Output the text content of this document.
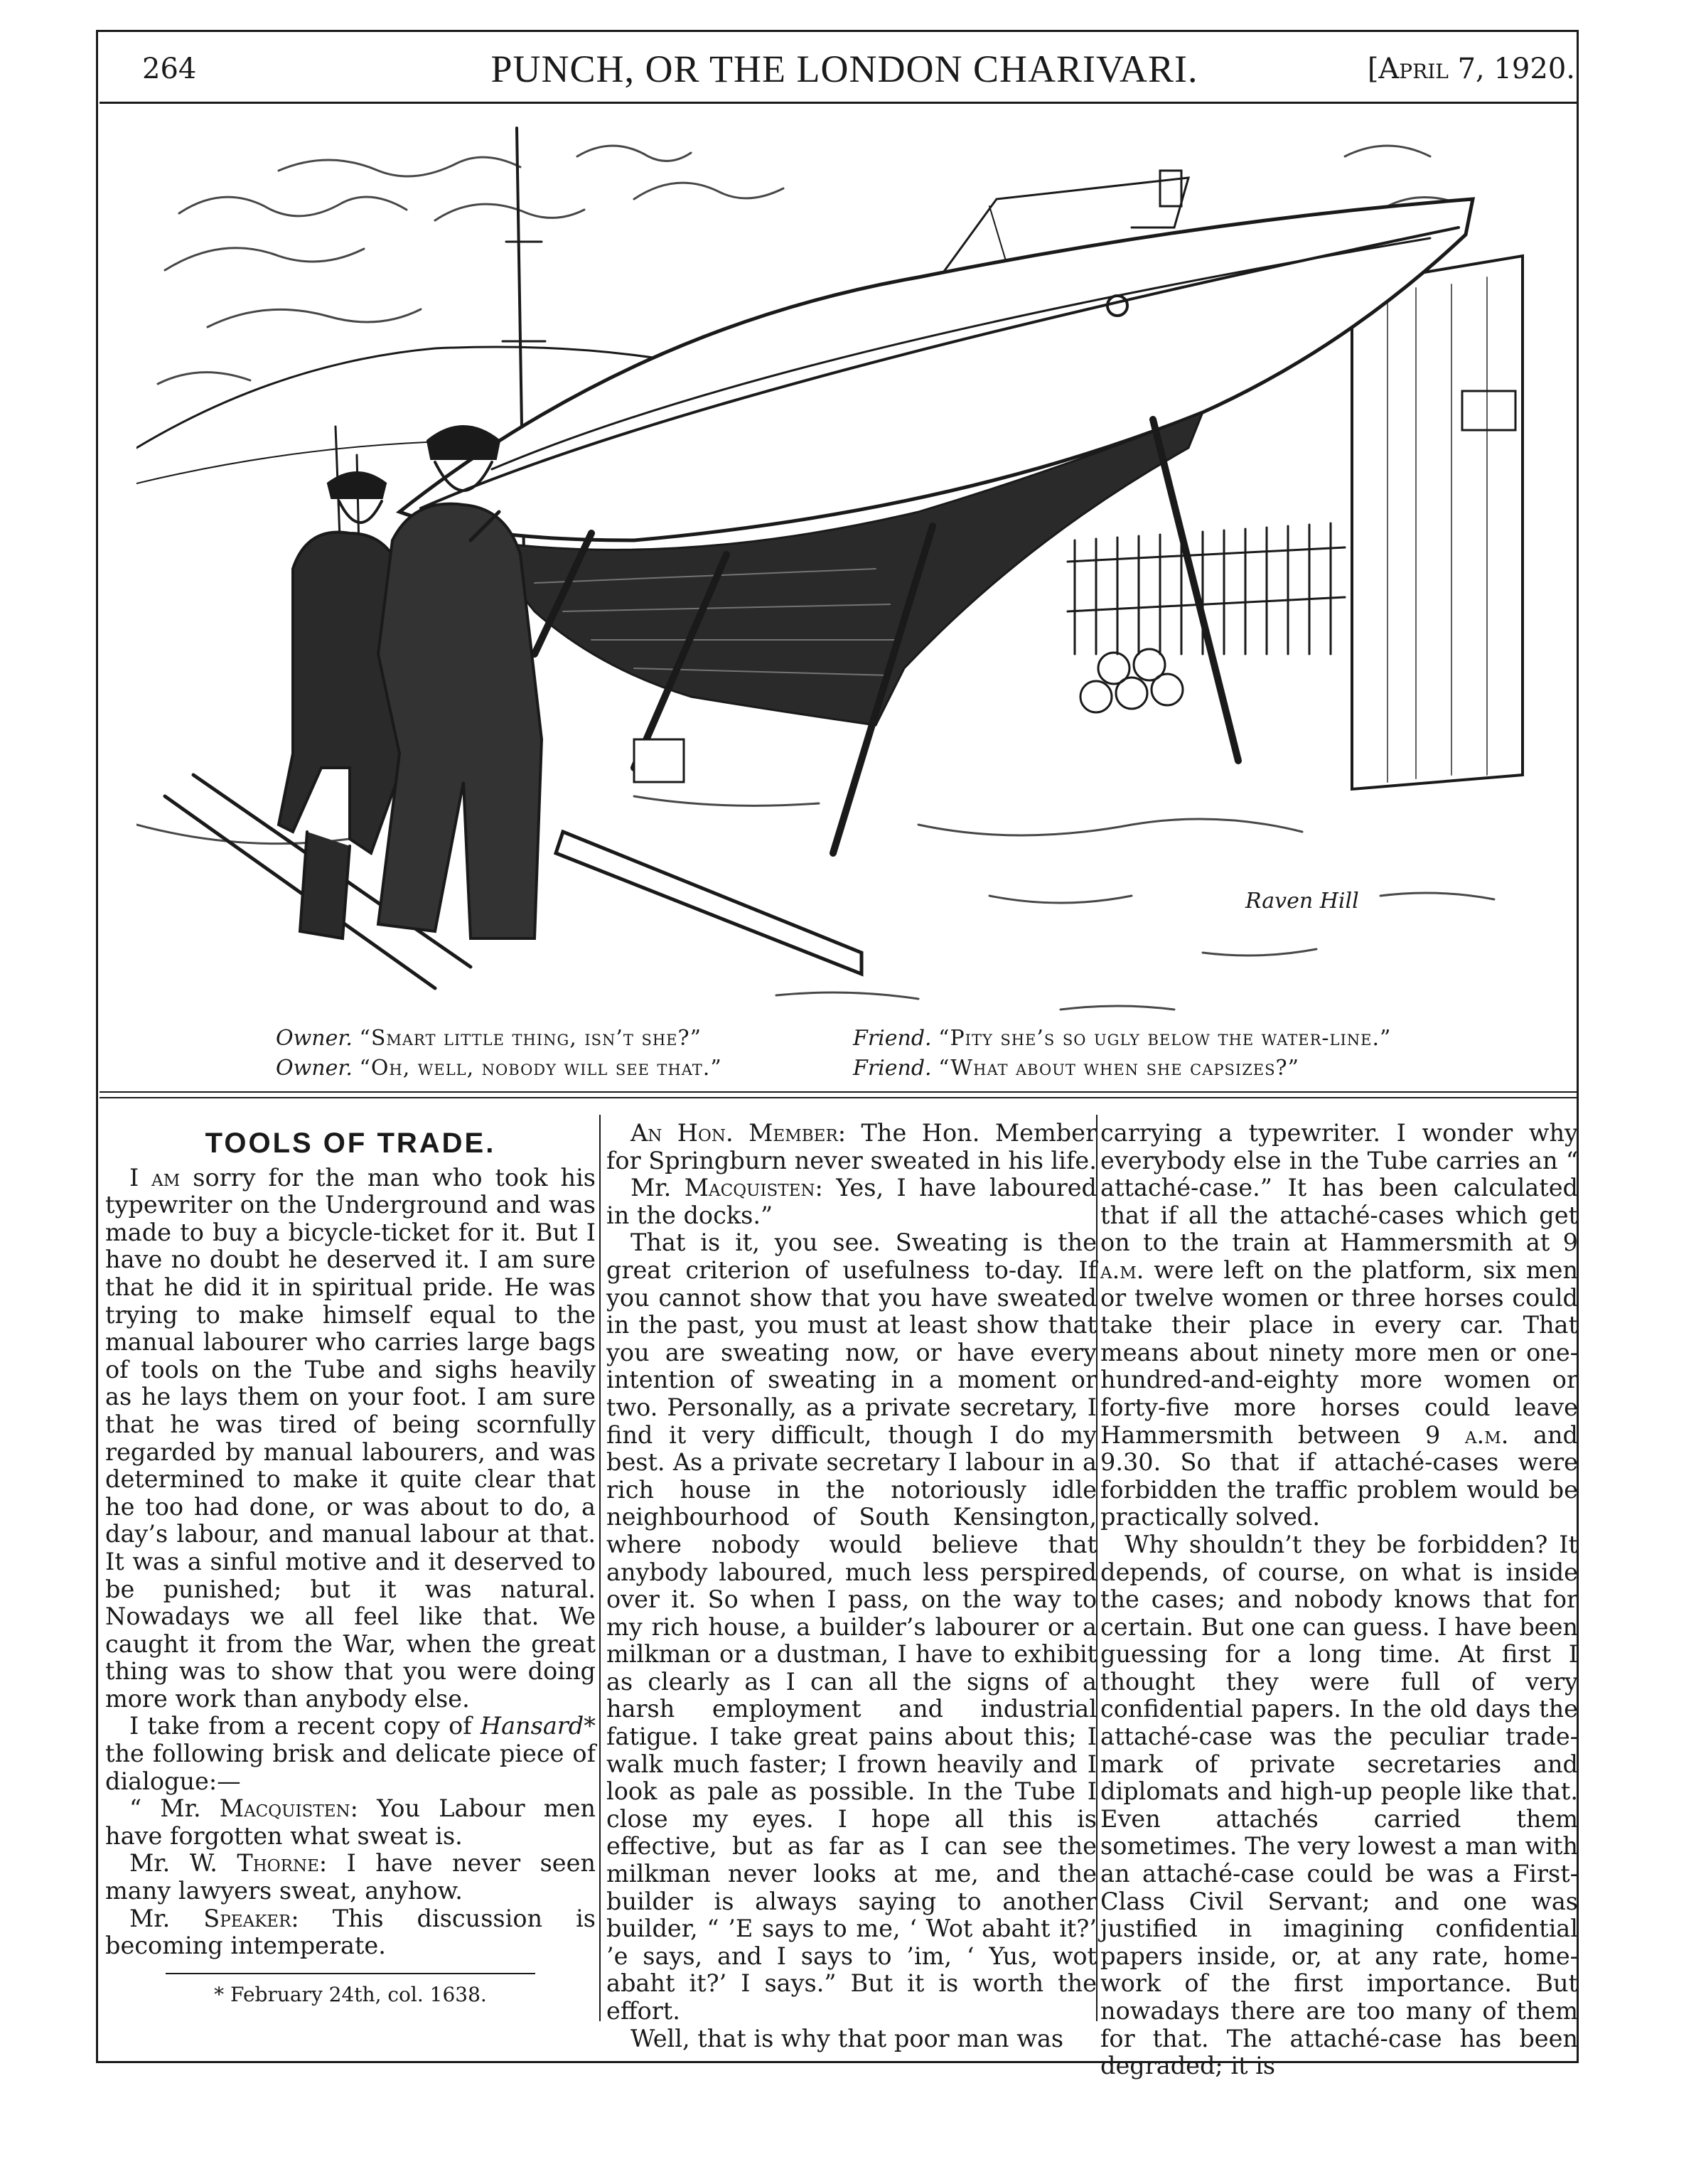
264	PUNCH, OR THE LONDON CHARIVARI.	[April 7, 1920.
Raven Hill
Owner. “Smart little thing, isn’t she?”
Owner. “Oh, well, nobody will see that.”
Friend. “Pity she’s so ugly below the water-line.”
Friend. “What about when she capsizes?”
TOOLS OF TRADE.

I am sorry for the man who took his typewriter on the Underground and was made to buy a bicycle-ticket for it. But I have no doubt he deserved it. I am sure that he did it in spiritual pride. He was trying to make himself equal to the manual labourer who carries large bags of tools on the Tube and sighs heavily as he lays them on your foot. I am sure that he was tired of being scornfully regarded by manual labourers, and was determined to make it quite clear that he too had done, or was about to do, a day’s labour, and manual labour at that. It was a sinful motive and it deserved to be punished; but it was natural. Nowadays we all feel like that. We caught it from the War, when the great thing was to show that you were doing more work than anybody else.

I take from a recent copy of Hansard* the following brisk and delicate piece of dialogue:—

“ Mr. Macquisten: You Labour men have forgotten what sweat is.

Mr. W. Thorne: I have never seen many lawyers sweat, anyhow.

Mr. Speaker: This discussion is becoming intemperate.

* February 24th, col. 1638.

An Hon. Member: The Hon. Member for Springburn never sweated in his life.

Mr. Macquisten: Yes, I have laboured in the docks.”

That is it, you see. Sweating is the great criterion of usefulness to-day. If you cannot show that you have sweated in the past, you must at least show that you are sweating now, or have every intention of sweating in a moment or two. Personally, as a private secretary, I find it very difficult, though I do my best. As a private secretary I labour in a rich house in the notoriously idle neighbourhood of South Kensington, where nobody would believe that anybody laboured, much less perspired over it. So when I pass, on the way to my rich house, a builder’s labourer or a milkman or a dustman, I have to exhibit as clearly as I can all the signs of a harsh employment and industrial fatigue. I take great pains about this; I walk much faster; I frown heavily and I look as pale as possible. In the Tube I close my eyes. I hope all this is effective, but as far as I can see the milkman never looks at me, and the builder is always saying to another builder, “ ’E says to me, ‘ Wot abaht it?’ ’e says, and I says to ’im, ‘ Yus, wot abaht it?’ I says.” But it is worth the effort.

Well, that is why that poor man was

carrying a typewriter. I wonder why everybody else in the Tube carries an “ attaché-case.” It has been calculated that if all the attaché-cases which get on to the train at Hammersmith at 9 a.m. were left on the platform, six men or twelve women or three horses could take their place in every car. That means about ninety more men or one-hundred-and-eighty more women or forty-five more horses could leave Hammersmith between 9 a.m. and 9.30. So that if attaché-cases were forbidden the traffic problem would be practically solved.

Why shouldn’t they be forbidden? It depends, of course, on what is inside the cases; and nobody knows that for certain. But one can guess. I have been guessing for a long time. At first I thought they were full of very confidential papers. In the old days the attaché-case was the peculiar trade-mark of private secretaries and diplomats and high-up people like that. Even attachés carried them sometimes. The very lowest a man with an attaché-case could be was a First-Class Civil Servant; and one was justified in imagining confidential papers inside, or, at any rate, home-work of the first importance. But nowadays there are too many of them for that. The attaché-case has been degraded; it is
